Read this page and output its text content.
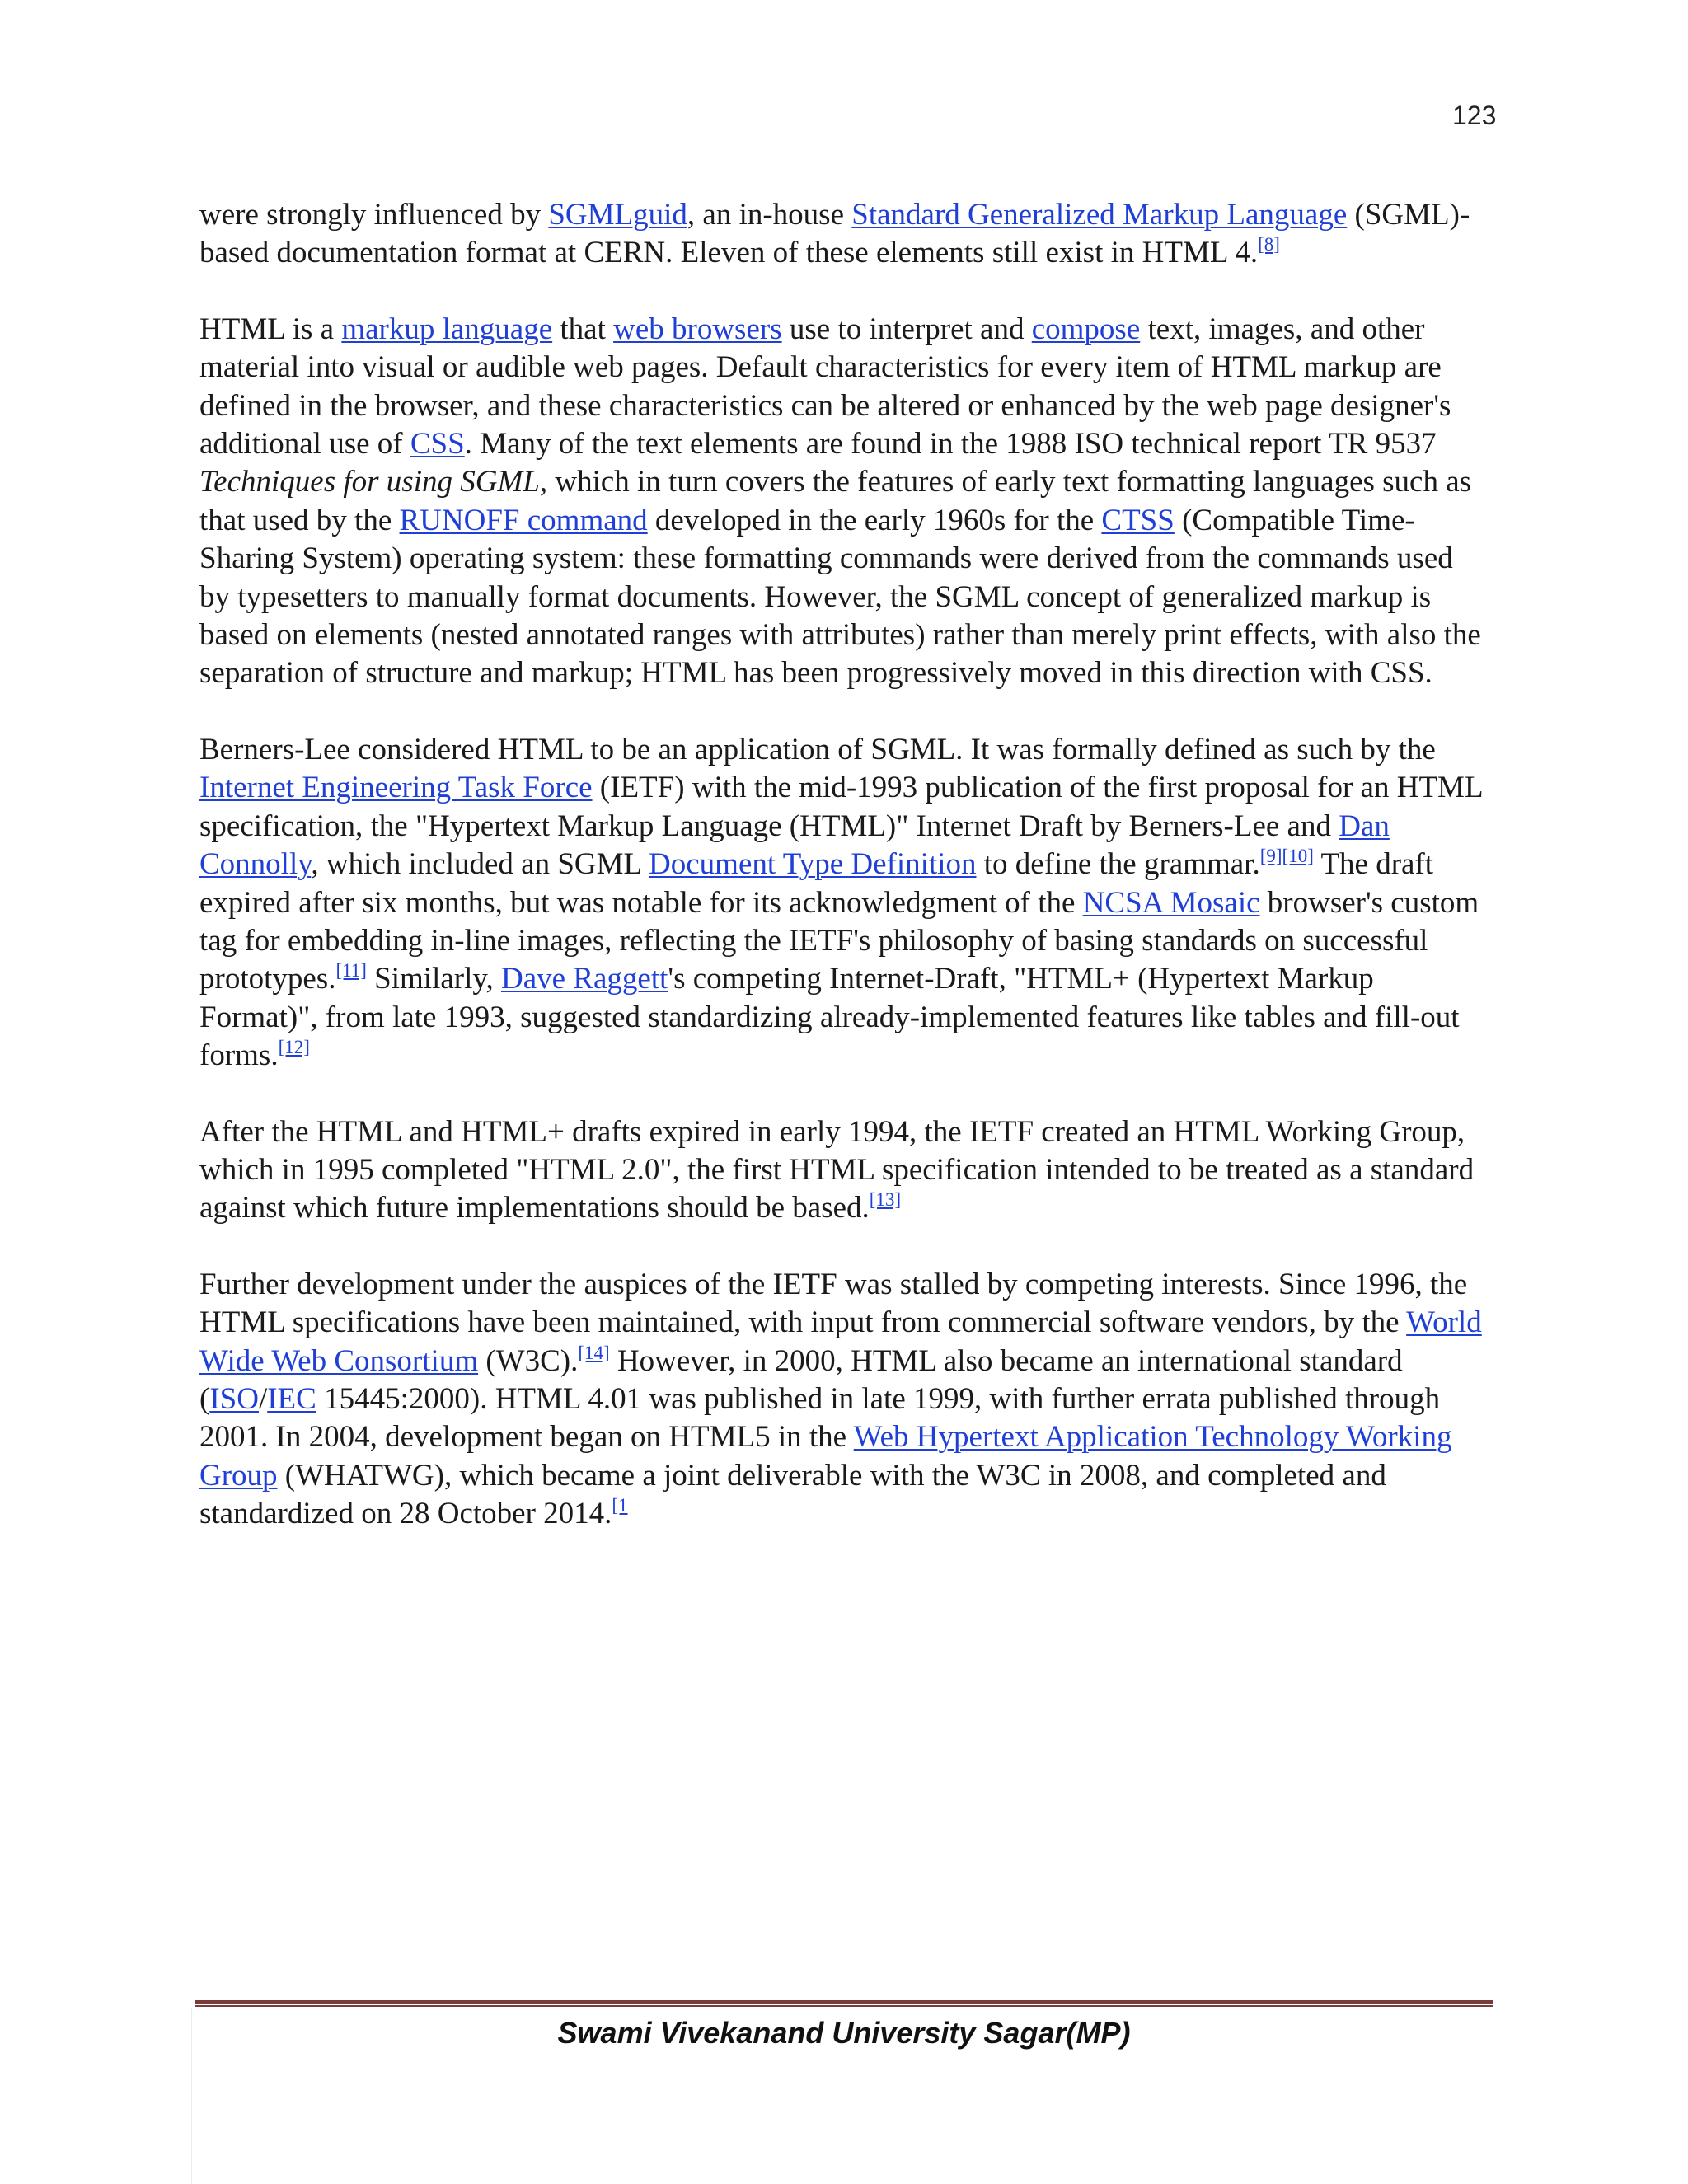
123

were strongly influenced by SGMLguid, an in-house Standard Generalized Markup Language (SGML)-based documentation format at CERN. Eleven of these elements still exist in HTML 4.[8]

HTML is a markup language that web browsers use to interpret and compose text, images, and other material into visual or audible web pages. Default characteristics for every item of HTML markup are defined in the browser, and these characteristics can be altered or enhanced by the web page designer's additional use of CSS. Many of the text elements are found in the 1988 ISO technical report TR 9537 Techniques for using SGML, which in turn covers the features of early text formatting languages such as that used by the RUNOFF command developed in the early 1960s for the CTSS (Compatible Time-Sharing System) operating system: these formatting commands were derived from the commands used by typesetters to manually format documents. However, the SGML concept of generalized markup is based on elements (nested annotated ranges with attributes) rather than merely print effects, with also the separation of structure and markup; HTML has been progressively moved in this direction with CSS.

Berners-Lee considered HTML to be an application of SGML. It was formally defined as such by the Internet Engineering Task Force (IETF) with the mid-1993 publication of the first proposal for an HTML specification, the "Hypertext Markup Language (HTML)" Internet Draft by Berners-Lee and Dan Connolly, which included an SGML Document Type Definition to define the grammar.[9][10] The draft expired after six months, but was notable for its acknowledgment of the NCSA Mosaic browser's custom tag for embedding in-line images, reflecting the IETF's philosophy of basing standards on successful prototypes.[11] Similarly, Dave Raggett's competing Internet-Draft, "HTML+ (Hypertext Markup Format)", from late 1993, suggested standardizing already-implemented features like tables and fill-out forms.[12]

After the HTML and HTML+ drafts expired in early 1994, the IETF created an HTML Working Group, which in 1995 completed "HTML 2.0", the first HTML specification intended to be treated as a standard against which future implementations should be based.[13]

Further development under the auspices of the IETF was stalled by competing interests. Since 1996, the HTML specifications have been maintained, with input from commercial software vendors, by the World Wide Web Consortium (W3C).[14] However, in 2000, HTML also became an international standard (ISO/IEC 15445:2000). HTML 4.01 was published in late 1999, with further errata published through 2001. In 2004, development began on HTML5 in the Web Hypertext Application Technology Working Group (WHATWG), which became a joint deliverable with the W3C in 2008, and completed and standardized on 28 October 2014.$^{[1}$

Swami Vivekanand University Sagar(MP)
